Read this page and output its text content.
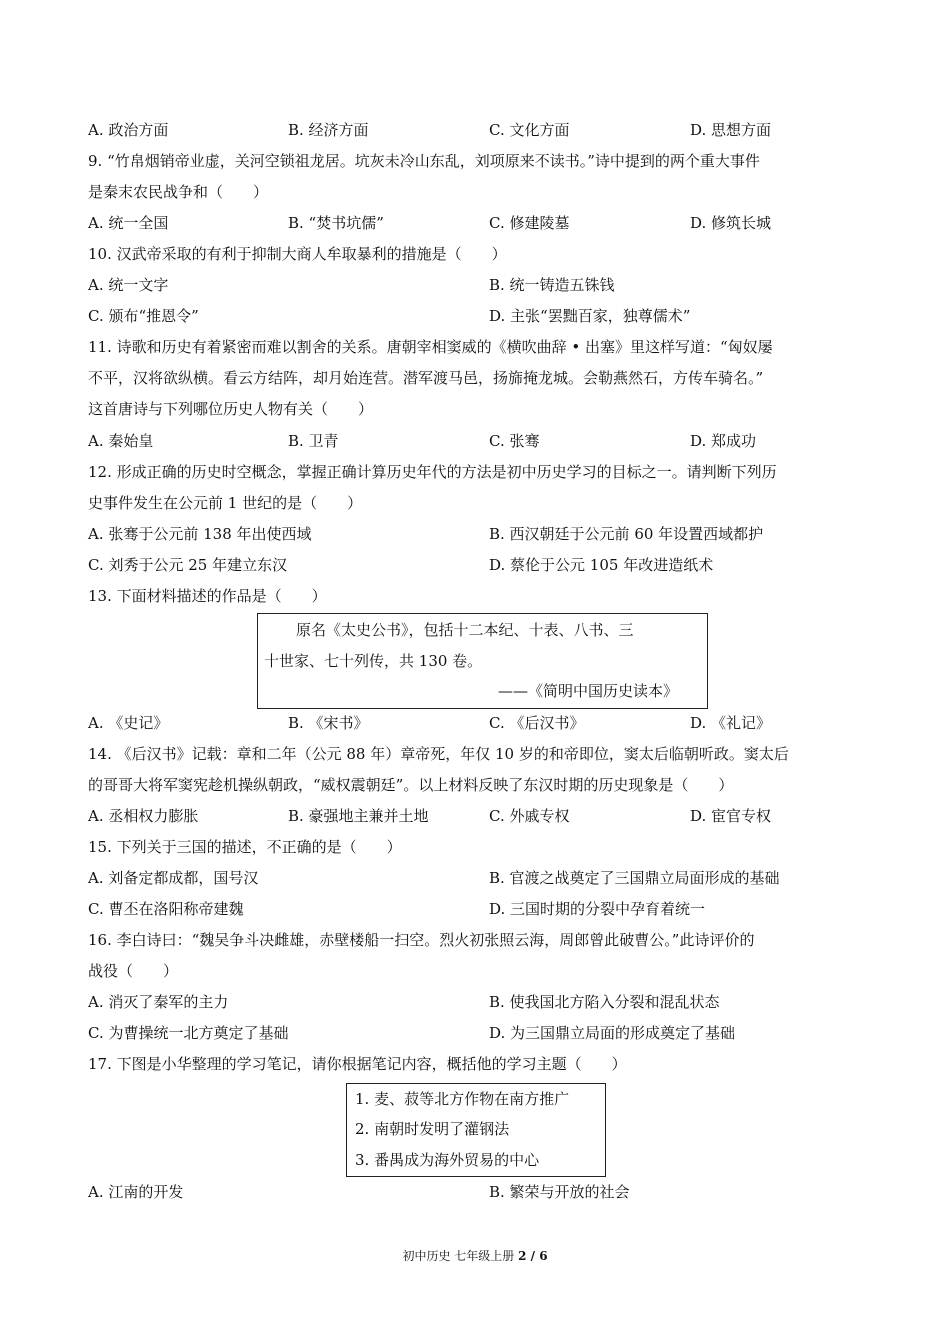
A. 政治方面	B. 经济方面	C. 文化方面	D. 思想方面
9. “竹帛烟销帝业虚，关河空锁祖龙居。坑灰未冷山东乱，刘项原来不读书。”诗中提到的两个重大事件
是秦末农民战争和（　　）
A. 统一全国	B. “焚书坑儒”	C. 修建陵墓	D. 修筑长城
10. 汉武帝采取的有利于抑制大商人牟取暴利的措施是（　　）
A. 统一文字	B. 统一铸造五铢钱
C. 颁布“推恩令”	D. 主张“罢黜百家，独尊儒术”
11. 诗歌和历史有着紧密而难以割舍的关系。唐朝宰相窦威的《横吹曲辞 • 出塞》里这样写道：“匈奴屡
不平，汉将欲纵横。看云方结阵，却月始连营。潜军渡马邑，扬旆掩龙城。会勒燕然石，方传车骑名。”
这首唐诗与下列哪位历史人物有关（　　）
A. 秦始皇	B. 卫青	C. 张骞	D. 郑成功
12. 形成正确的历史时空概念，掌握正确计算历史年代的方法是初中历史学习的目标之一。请判断下列历
史事件发生在公元前 1 世纪的是（　　）
A. 张骞于公元前 138 年出使西域	B. 西汉朝廷于公元前 60 年设置西域都护
C. 刘秀于公元 25 年建立东汉	D. 蔡伦于公元 105 年改进造纸术
13. 下面材料描述的作品是（　　）
原名《太史公书》，包括十二本纪、十表、八书、三
十世家、七十列传，共 130 卷。
——《简明中国历史读本》
A. 《史记》	B. 《宋书》	C. 《后汉书》	D. 《礼记》
14. 《后汉书》记载：章和二年（公元 88 年）章帝死，年仅 10 岁的和帝即位，窦太后临朝听政。窦太后
的哥哥大将军窦宪趁机操纵朝政，“威权震朝廷”。以上材料反映了东汉时期的历史现象是（　　）
A. 丞相权力膨胀	B. 豪强地主兼并土地	C. 外戚专权	D. 宦官专权
15. 下列关于三国的描述，不正确的是（　　）
A. 刘备定都成都，国号汉	B. 官渡之战奠定了三国鼎立局面形成的基础
C. 曹丕在洛阳称帝建魏	D. 三国时期的分裂中孕育着统一
16. 李白诗曰：“魏吴争斗决雌雄，赤壁楼船一扫空。烈火初张照云海，周郎曾此破曹公。”此诗评价的
战役（　　）
A. 消灭了秦军的主力	B. 使我国北方陷入分裂和混乱状态
C. 为曹操统一北方奠定了基础	D. 为三国鼎立局面的形成奠定了基础
17. 下图是小华整理的学习笔记，请你根据笔记内容，概括他的学习主题（　　）
1. 麦、菽等北方作物在南方推广
2. 南朝时发明了灌钢法
3. 番禺成为海外贸易的中心
A. 江南的开发	B. 繁荣与开放的社会
初中历史 七年级上册 2 / 6
